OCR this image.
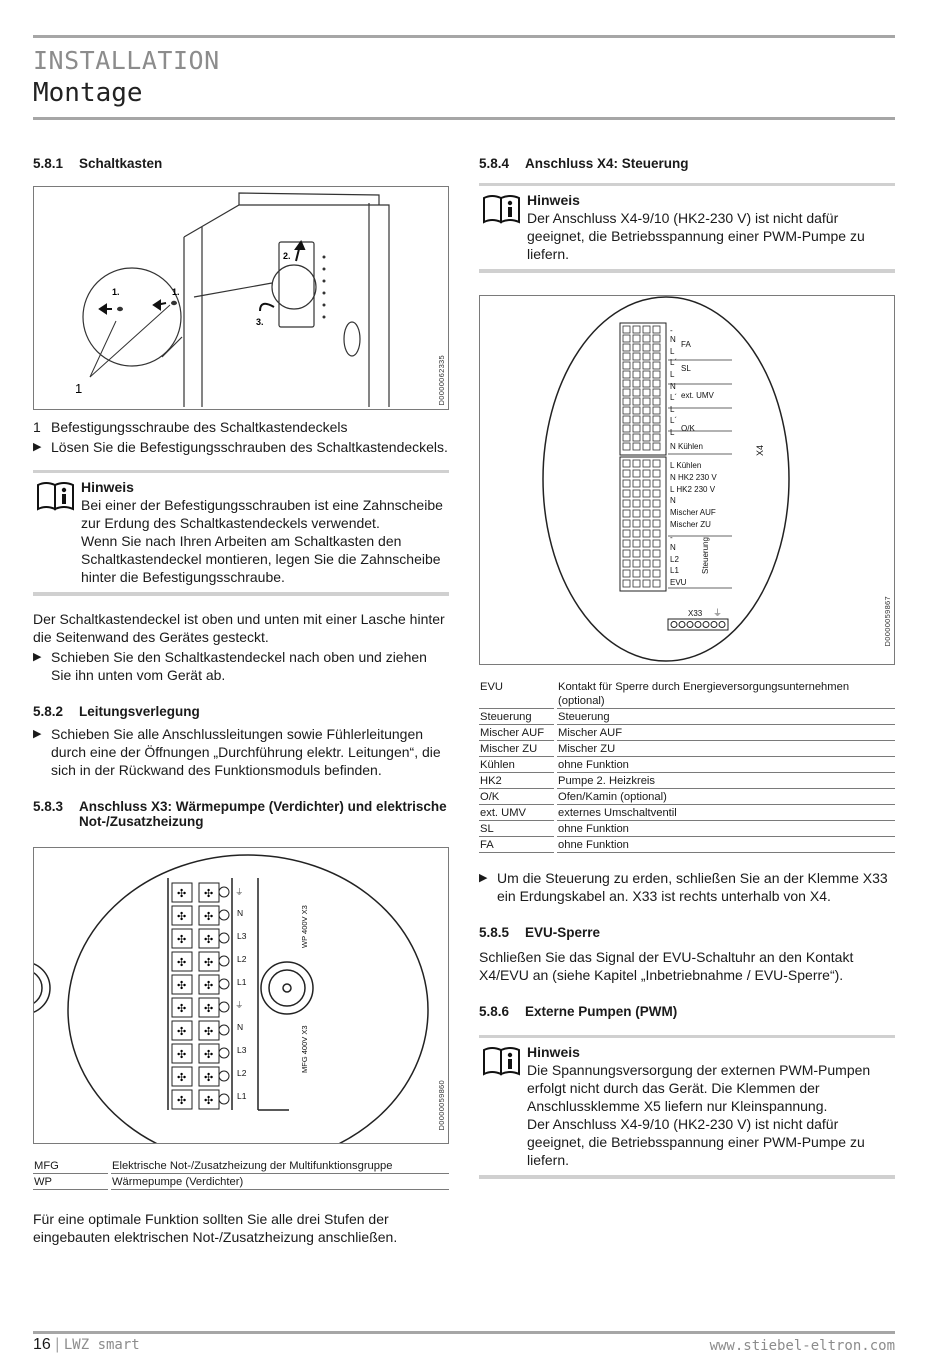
INSTALLATION
Montage
5.8.1	Schaltkasten
1.	1.
2.
3.
1	D0000062335
1 Befestigungsschraube des Schaltkastendeckels
▶ Lösen Sie die Befestigungsschrauben des Schaltkastendeckels.
Hinweis

Bei einer der Befestigungsschrauben ist eine Zahnscheibe zur Erdung des Schaltkastendeckels verwendet.

Wenn Sie nach Ihren Arbeiten am Schaltkasten den Schaltkastendeckel montieren, legen Sie die Zahnscheibe hinter die Befestigungsschraube.

Der Schaltkastendeckel ist oben und unten mit einer Lasche hinter die Seitenwand des Gerätes gesteckt.

▶ Schieben Sie den Schaltkastendeckel nach oben und ziehen Sie ihn unten vom Gerät ab.
5.8.2	Leitungsverlegung
▶ Schieben Sie alle Anschlussleitungen sowie Fühlerleitungen durch eine der Öffnungen „Durchführung elektr. Leitungen“, die sich in der Rückwand des Funktionsmoduls befinden.
5.8.3	Anschluss X3: Wärmepumpe (Verdichter) und elektrische Not-/Zusatzheizung
✣ ✣
✣ ✣
✣ ✣
✣ ✣
✣ ✣
✣ ✣
✣ ✣
✣ ✣
✣ ✣
✣ ✣
⏚
N
L3
L2
L1
⏚
N
L3
L2
L1
WP 400V X3
MFG 400V X3
D0000059860
MFG	Elektrische Not-/Zusatzheizung der Multifunktionsgruppe
WP	Wärmepumpe (Verdichter)

Für eine optimale Funktion sollten Sie alle drei Stufen der eingebauten elektrischen Not-/Zusatzheizung anschließen.

5.8.4	Anschluss X4: Steuerung
Hinweis

Der Anschluss X4-9/10 (HK2-230 V) ist nicht dafür geeignet, die Betriebsspannung einer PWM-Pumpe zu liefern.

-
N
FA
L
L´
SL
L
N
L´ ext. UMV
L
L´
O/K
L
N Kühlen
L Kühlen
N HK2 230 V
L HK2 230 V
N
Mischer AUF
Mischer ZU
-
N
L2
L1
EVU
Steuerung
X4
X33 ⏚	D0000059867
EVU	Kontakt für Sperre durch Energieversorgungsunternehmen (optional)
Steuerung	Steuerung
Mischer AUF	Mischer AUF
Mischer ZU	Mischer ZU
Kühlen	ohne Funktion
HK2	Pumpe 2. Heizkreis
O/K	Ofen/Kamin (optional)
ext. UMV	externes Umschaltventil
SL	ohne Funktion
FA	ohne Funktion
▶ Um die Steuerung zu erden, schließen Sie an der Klemme X33 ein Erdungskabel an. X33 ist rechts unterhalb von X4.
5.8.5	EVU-Sperre

Schließen Sie das Signal der EVU-Schaltuhr an den Kontakt X4/EVU an (siehe Kapitel „Inbetriebnahme / EVU-Sperre“).

5.8.6	Externe Pumpen (PWM)
Hinweis

Die Spannungsversorgung der externen PWM-Pumpen erfolgt nicht durch das Gerät. Die Klemmen der Anschlussklemme X5 liefern nur Kleinspannung.

Der Anschluss X4-9/10 (HK2-230 V) ist nicht dafür geeignet, die Betriebsspannung einer PWM-Pumpe zu liefern.

16 | LWZ smart	www.stiebel-eltron.com
